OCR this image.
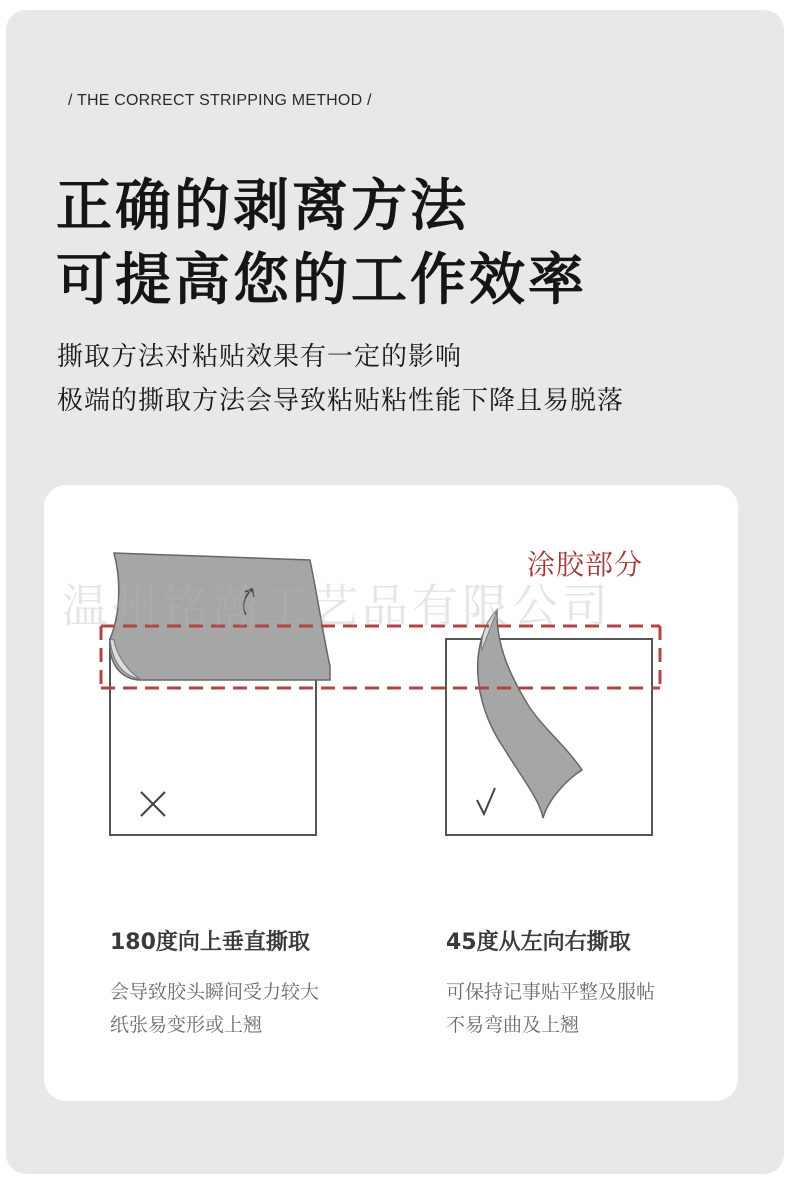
/ THE CORRECT STRIPPING METHOD /
正确的剥离方法
可提高您的工作效率
撕取方法对粘贴效果有一定的影响
极端的撕取方法会导致粘贴粘性能下降且易脱落
温州铭瀚工艺品有限公司
涂胶部分
180度向上垂直撕取
会导致胶头瞬间受力较大
纸张易变形或上翘
45度从左向右撕取
可保持记事贴平整及服帖
不易弯曲及上翘
